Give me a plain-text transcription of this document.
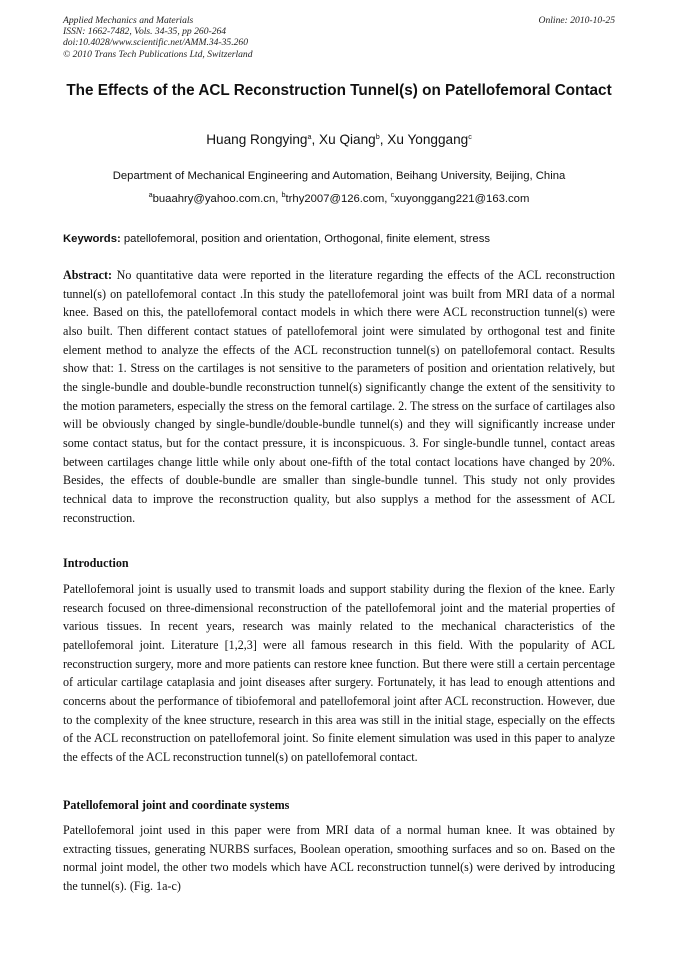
Applied Mechanics and Materials
ISSN: 1662-7482, Vols. 34-35, pp 260-264
doi:10.4028/www.scientific.net/AMM.34-35.260
© 2010 Trans Tech Publications Ltd, Switzerland
Online: 2010-10-25
The Effects of the ACL Reconstruction Tunnel(s) on Patellofemoral Contact
Huang Rongying$^a$, Xu Qiang$^b$, Xu Yonggang$^c$
Department of Mechanical Engineering and Automation, Beihang University, Beijing, China
$^a$buaahry@yahoo.com.cn, $^b$trhy2007@126.com, $^c$xuyonggang221@163.com
Keywords: patellofemoral, position and orientation, Orthogonal, finite element, stress

Abstract: No quantitative data were reported in the literature regarding the effects of the ACL reconstruction tunnel(s) on patellofemoral contact .In this study the patellofemoral joint was built from MRI data of a normal knee. Based on this, the patellofemoral contact models in which there were ACL reconstruction tunnel(s) were also built. Then different contact statues of patellofemoral joint were simulated by orthogonal test and finite element method to analyze the effects of the ACL reconstruction tunnel(s) on patellofemoral contact. Results show that: 1. Stress on the cartilages is not sensitive to the parameters of position and orientation relatively, but the single-bundle and double-bundle reconstruction tunnel(s) significantly change the extent of the sensitivity to the motion parameters, especially the stress on the femoral cartilage. 2. The stress on the surface of cartilages also will be obviously changed by single-bundle/double-bundle tunnel(s) and they will significantly increase under some contact status, but for the contact pressure, it is inconspicuous. 3. For single-bundle tunnel, contact areas between cartilages change little while only about one-fifth of the total contact locations have changed by 20%. Besides, the effects of double-bundle are smaller than single-bundle tunnel. This study not only provides technical data to improve the reconstruction quality, but also supplys a method for the assessment of ACL reconstruction.

Introduction

Patellofemoral joint is usually used to transmit loads and support stability during the flexion of the knee. Early research focused on three-dimensional reconstruction of the patellofemoral joint and the material properties of various tissues. In recent years, research was mainly related to the mechanical characteristics of the patellofemoral joint. Literature [1,2,3] were all famous research in this field. With the popularity of ACL reconstruction surgery, more and more patients can restore knee function. But there were still a certain percentage of articular cartilage cataplasia and joint diseases after surgery. Fortunately, it has lead to enough attentions and concerns about the performance of tibiofemoral and patellofemoral joint after ACL reconstruction. However, due to the complexity of the knee structure, research in this area was still in the initial stage, especially on the effects of the ACL reconstruction on patellofemoral joint. So finite element simulation was used in this paper to analyze the effects of the ACL reconstruction tunnel(s) on patellofemoral contact.

Patellofemoral joint and coordinate systems

Patellofemoral joint used in this paper were from MRI data of a normal human knee. It was obtained by extracting tissues, generating NURBS surfaces, Boolean operation, smoothing surfaces and so on. Based on the normal joint model, the other two models which have ACL reconstruction tunnel(s) were derived by introducing the tunnel(s). (Fig. 1a-c)
